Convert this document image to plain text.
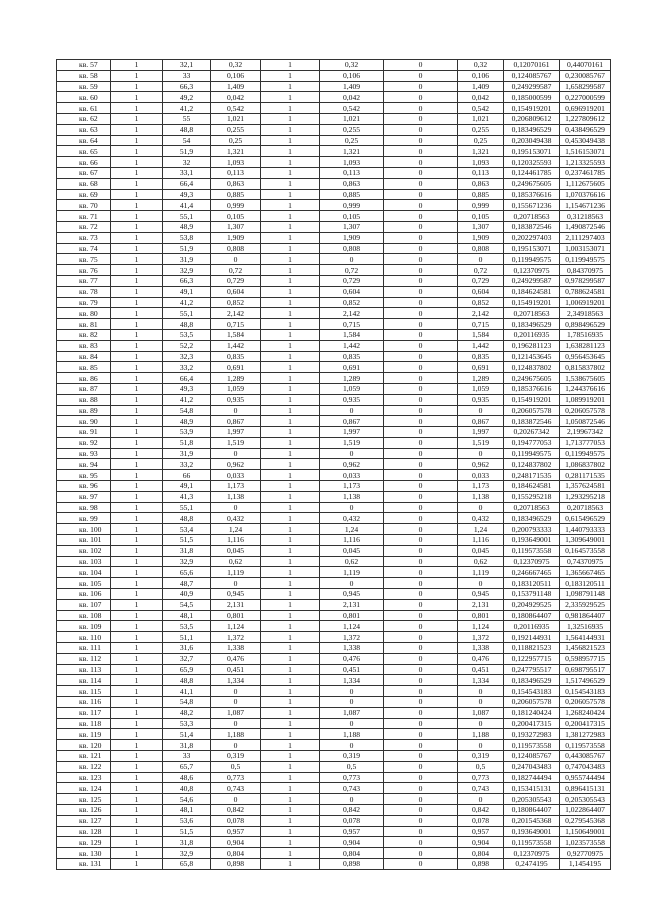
кв. 57	1	32,1	0,32	1	0,32	0	0,32	0,12070161	0,44070161
кв. 58	1	33	0,106	1	0,106	0	0,106	0,124085767	0,230085767
кв. 59	1	66,3	1,409	1	1,409	0	1,409	0,249299587	1,658299587
кв. 60	1	49,2	0,042	1	0,042	0	0,042	0,185000599	0,227000599
кв. 61	1	41,2	0,542	1	0,542	0	0,542	0,154919201	0,696919201
кв. 62	1	55	1,021	1	1,021	0	1,021	0,206809612	1,227809612
кв. 63	1	48,8	0,255	1	0,255	0	0,255	0,183496529	0,438496529
кв. 64	1	54	0,25	1	0,25	0	0,25	0,203049438	0,453049438
кв. 65	1	51,9	1,321	1	1,321	0	1,321	0,195153071	1,516153071
кв. 66	1	32	1,093	1	1,093	0	1,093	0,120325593	1,213325593
кв. 67	1	33,1	0,113	1	0,113	0	0,113	0,124461785	0,237461785
кв. 68	1	66,4	0,863	1	0,863	0	0,863	0,249675605	1,112675605
кв. 69	1	49,3	0,885	1	0,885	0	0,885	0,185376616	1,070376616
кв. 70	1	41,4	0,999	1	0,999	0	0,999	0,155671236	1,154671236
кв. 71	1	55,1	0,105	1	0,105	0	0,105	0,20718563	0,31218563
кв. 72	1	48,9	1,307	1	1,307	0	1,307	0,183872546	1,490872546
кв. 73	1	53,8	1,909	1	1,909	0	1,909	0,202297403	2,111297403
кв. 74	1	51,9	0,808	1	0,808	0	0,808	0,195153071	1,003153071
кв. 75	1	31,9	0	1	0	0	0	0,119949575	0,119949575
кв. 76	1	32,9	0,72	1	0,72	0	0,72	0,12370975	0,84370975
кв. 77	1	66,3	0,729	1	0,729	0	0,729	0,249299587	0,978299587
кв. 78	1	49,1	0,604	1	0,604	0	0,604	0,184624581	0,788624581
кв. 79	1	41,2	0,852	1	0,852	0	0,852	0,154919201	1,006919201
кв. 80	1	55,1	2,142	1	2,142	0	2,142	0,20718563	2,34918563
кв. 81	1	48,8	0,715	1	0,715	0	0,715	0,183496529	0,898496529
кв. 82	1	53,5	1,584	1	1,584	0	1,584	0,20116935	1,78516935
кв. 83	1	52,2	1,442	1	1,442	0	1,442	0,196281123	1,638281123
кв. 84	1	32,3	0,835	1	0,835	0	0,835	0,121453645	0,956453645
кв. 85	1	33,2	0,691	1	0,691	0	0,691	0,124837802	0,815837802
кв. 86	1	66,4	1,289	1	1,289	0	1,289	0,249675605	1,538675605
кв. 87	1	49,3	1,059	1	1,059	0	1,059	0,185376616	1,244376616
кв. 88	1	41,2	0,935	1	0,935	0	0,935	0,154919201	1,089919201
кв. 89	1	54,8	0	1	0	0	0	0,206057578	0,206057578
кв. 90	1	48,9	0,867	1	0,867	0	0,867	0,183872546	1,050872546
кв. 91	1	53,9	1,997	1	1,997	0	1,997	0,20267342	2,19967342
кв. 92	1	51,8	1,519	1	1,519	0	1,519	0,194777053	1,713777053
кв. 93	1	31,9	0	1	0	0	0	0,119949575	0,119949575
кв. 94	1	33,2	0,962	1	0,962	0	0,962	0,124837802	1,086837802
кв. 95	1	66	0,033	1	0,033	0	0,033	0,248171535	0,281171535
кв. 96	1	49,1	1,173	1	1,173	0	1,173	0,184624581	1,357624581
кв. 97	1	41,3	1,138	1	1,138	0	1,138	0,155295218	1,293295218
кв. 98	1	55,1	0	1	0	0	0	0,20718563	0,20718563
кв. 99	1	48,8	0,432	1	0,432	0	0,432	0,183496529	0,615496529
кв. 100	1	53,4	1,24	1	1,24	0	1,24	0,200793333	1,440793333
кв. 101	1	51,5	1,116	1	1,116	0	1,116	0,193649001	1,309649001
кв. 102	1	31,8	0,045	1	0,045	0	0,045	0,119573558	0,164573558
кв. 103	1	32,9	0,62	1	0,62	0	0,62	0,12370975	0,74370975
кв. 104	1	65,6	1,119	1	1,119	0	1,119	0,246667465	1,365667465
кв. 105	1	48,7	0	1	0	0	0	0,183120511	0,183120511
кв. 106	1	40,9	0,945	1	0,945	0	0,945	0,153791148	1,098791148
кв. 107	1	54,5	2,131	1	2,131	0	2,131	0,204929525	2,335929525
кв. 108	1	48,1	0,801	1	0,801	0	0,801	0,180864407	0,981864407
кв. 109	1	53,5	1,124	1	1,124	0	1,124	0,20116935	1,32516935
кв. 110	1	51,1	1,372	1	1,372	0	1,372	0,192144931	1,564144931
кв. 111	1	31,6	1,338	1	1,338	0	1,338	0,118821523	1,456821523
кв. 112	1	32,7	0,476	1	0,476	0	0,476	0,122957715	0,598957715
кв. 113	1	65,9	0,451	1	0,451	0	0,451	0,247795517	0,698795517
кв. 114	1	48,8	1,334	1	1,334	0	1,334	0,183496529	1,517496529
кв. 115	1	41,1	0	1	0	0	0	0,154543183	0,154543183
кв. 116	1	54,8	0	1	0	0	0	0,206057578	0,206057578
кв. 117	1	48,2	1,087	1	1,087	0	1,087	0,181240424	1,268240424
кв. 118	1	53,3	0	1	0	0	0	0,200417315	0,200417315
кв. 119	1	51,4	1,188	1	1,188	0	1,188	0,193272983	1,381272983
кв. 120	1	31,8	0	1	0	0	0	0,119573558	0,119573558
кв. 121	1	33	0,319	1	0,319	0	0,319	0,124085767	0,443085767
кв. 122	1	65,7	0,5	1	0,5	0	0,5	0,247043483	0,747043483
кв. 123	1	48,6	0,773	1	0,773	0	0,773	0,182744494	0,955744494
кв. 124	1	40,8	0,743	1	0,743	0	0,743	0,153415131	0,896415131
кв. 125	1	54,6	0	1	0	0	0	0,205305543	0,205305543
кв. 126	1	48,1	0,842	1	0,842	0	0,842	0,180864407	1,022864407
кв. 127	1	53,6	0,078	1	0,078	0	0,078	0,201545368	0,279545368
кв. 128	1	51,5	0,957	1	0,957	0	0,957	0,193649001	1,150649001
кв. 129	1	31,8	0,904	1	0,904	0	0,904	0,119573558	1,023573558
кв. 130	1	32,9	0,804	1	0,804	0	0,804	0,12370975	0,92770975
кв. 131	1	65,8	0,898	1	0,898	0	0,898	0,2474195	1,1454195
